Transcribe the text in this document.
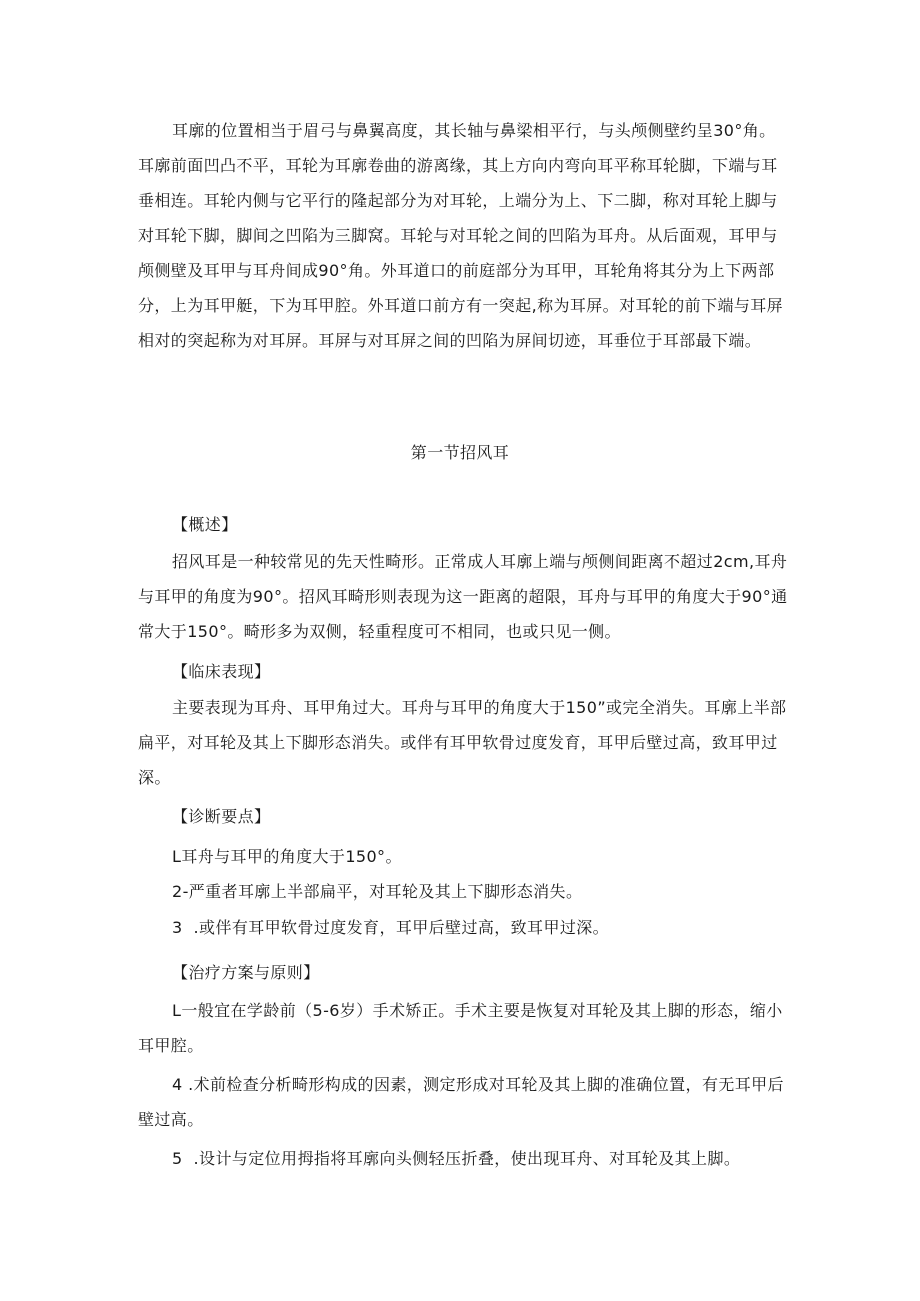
耳廓的位置相当于眉弓与鼻翼高度，其长轴与鼻梁相平行，与头颅侧壁约呈30°角。耳廓前面凹凸不平，耳轮为耳廓卷曲的游离缘，其上方向内弯向耳平称耳轮脚，下端与耳垂相连。耳轮内侧与它平行的隆起部分为对耳轮，上端分为上、下二脚，称对耳轮上脚与对耳轮下脚，脚间之凹陷为三脚窝。耳轮与对耳轮之间的凹陷为耳舟。从后面观，耳甲与颅侧壁及耳甲与耳舟间成90°角。外耳道口的前庭部分为耳甲，耳轮角将其分为上下两部分，上为耳甲艇，下为耳甲腔。外耳道口前方有一突起,称为耳屏。对耳轮的前下端与耳屏相对的突起称为对耳屏。耳屏与对耳屏之间的凹陷为屏间切迹，耳垂位于耳部最下端。
第一节招风耳
【概述】
招风耳是一种较常见的先天性畸形。正常成人耳廓上端与颅侧间距离不超过2cm,耳舟与耳甲的角度为90°。招风耳畸形则表现为这一距离的超限，耳舟与耳甲的角度大于90°通常大于150°。畸形多为双侧，轻重程度可不相同，也或只见一侧。
【临床表现】
主要表现为耳舟、耳甲角过大。耳舟与耳甲的角度大于150”或完全消失。耳廓上半部扁平，对耳轮及其上下脚形态消失。或伴有耳甲软骨过度发育，耳甲后壁过高，致耳甲过深。
【诊断要点】
L耳舟与耳甲的角度大于150°。
2-严重者耳廓上半部扁平，对耳轮及其上下脚形态消失。
3  .或伴有耳甲软骨过度发育，耳甲后壁过高，致耳甲过深。
【治疗方案与原则】
L一般宜在学龄前（5-6岁）手术矫正。手术主要是恢复对耳轮及其上脚的形态，缩小耳甲腔。
4 .术前检查分析畸形构成的因素，测定形成对耳轮及其上脚的准确位置，有无耳甲后壁过高。
5  .设计与定位用拇指将耳廓向头侧轻压折叠，使出现耳舟、对耳轮及其上脚。
